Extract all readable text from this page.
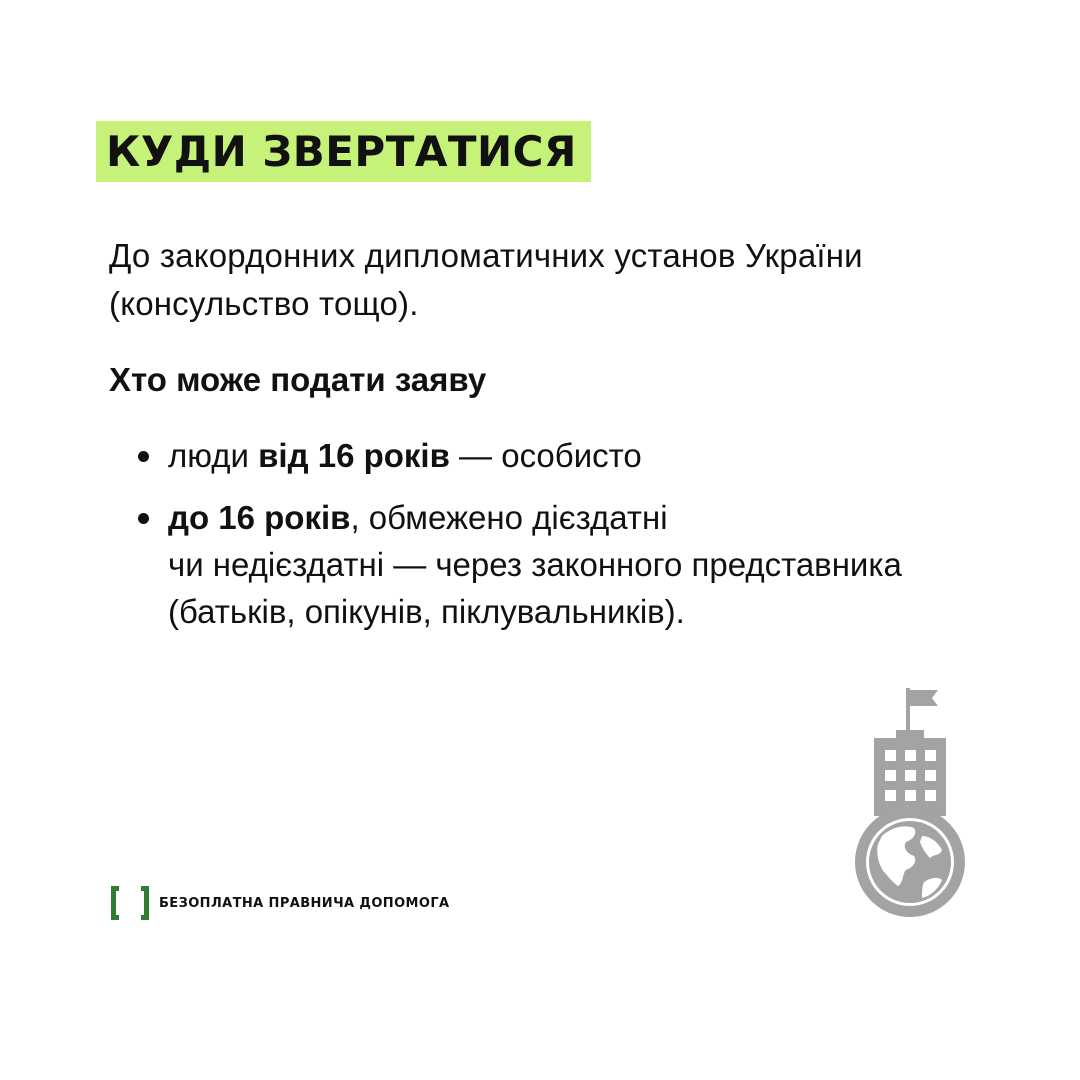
КУДИ ЗВЕРТАТИСЯ
До закордонних дипломатичних установ України
(консульство тощо).
Хто може подати заяву
люди від 16 років — особисто
до 16 років, обмежено дієздатні
чи недієздатні — через законного представника
(батьків, опікунів, піклувальників).
БЕЗОПЛАТНА ПРАВНИЧА ДОПОМОГА
